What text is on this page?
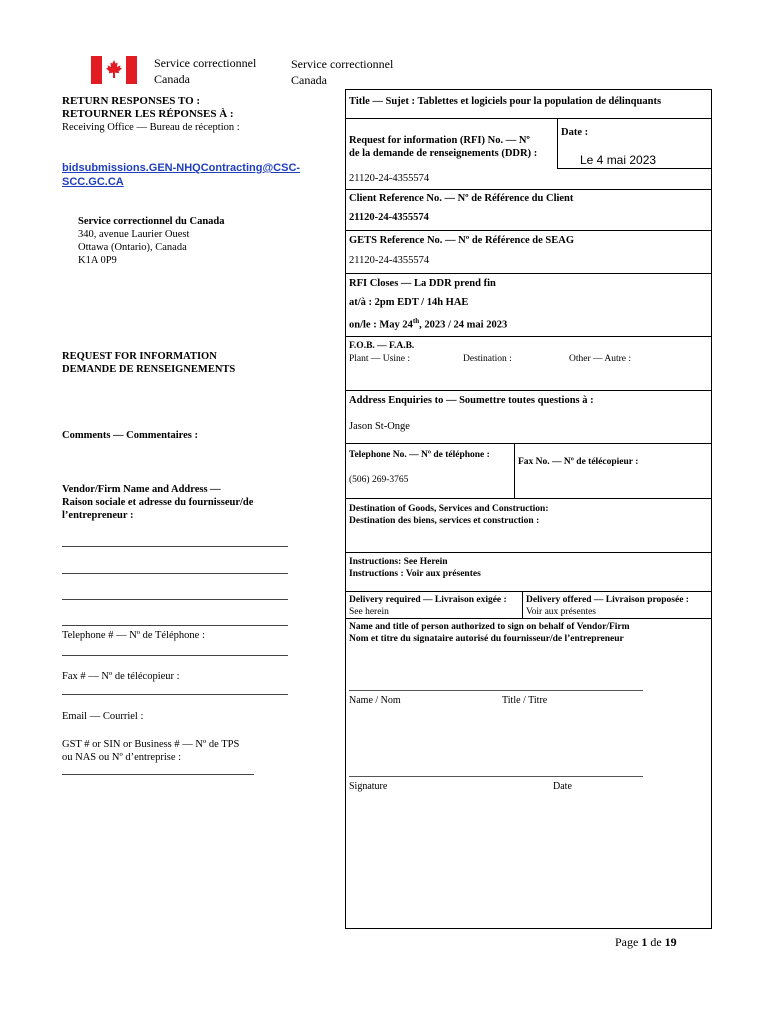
Service correctionnel
Canada
Service correctionnel
Canada
RETURN RESPONSES TO :
RETOURNER LES RÉPONSES À :
Receiving Office — Bureau de réception :
bidsubmissions.GEN-NHQContracting@CSC-
SCC.GC.CA
Service correctionnel du Canada
340, avenue Laurier Ouest
Ottawa (Ontario), Canada
K1A 0P9
REQUEST FOR INFORMATION
DEMANDE DE RENSEIGNEMENTS
Comments — Commentaires :
Vendor/Firm Name and Address —
Raison sociale et adresse du fournisseur/de
l’entrepreneur :
Telephone # — Nº de Téléphone :
Fax # — Nº de télécopieur :
Email — Courriel :
GST # or SIN or Business # — Nº de TPS
ou NAS ou Nº d’entreprise :
Title — Sujet : Tablettes et logiciels pour la population de délinquants
Request for information (RFI) No. — Nº
de la demande de renseignements (DDR) :
21120-24-4355574
Date :
Le 4 mai 2023
Client Reference No. — Nº de Référence du Client
21120-24-4355574
GETS Reference No. — Nº de Référence de SEAG
21120-24-4355574
RFI Closes — La DDR prend fin
at/à : 2pm EDT / 14h HAE
on/le : May 24th, 2023 / 24 mai 2023
F.O.B. — F.A.B.
Plant — Usine :	Destination :	Other — Autre :
Address Enquiries to — Soumettre toutes questions à :
Jason St-Onge
Telephone No. — Nº de téléphone :
(506) 269-3765
Fax No. — Nº de télécopieur :
Destination of Goods, Services and Construction:
Destination des biens, services et construction :
Instructions: See Herein
Instructions : Voir aux présentes
Delivery required — Livraison exigée :
See herein
Delivery offered — Livraison proposée :
Voir aux présentes
Name and title of person authorized to sign on behalf of Vendor/Firm
Nom et titre du signataire autorisé du fournisseur/de l’entrepreneur
Name / Nom	Title / Titre
Signature	Date
Page 1 de 19
